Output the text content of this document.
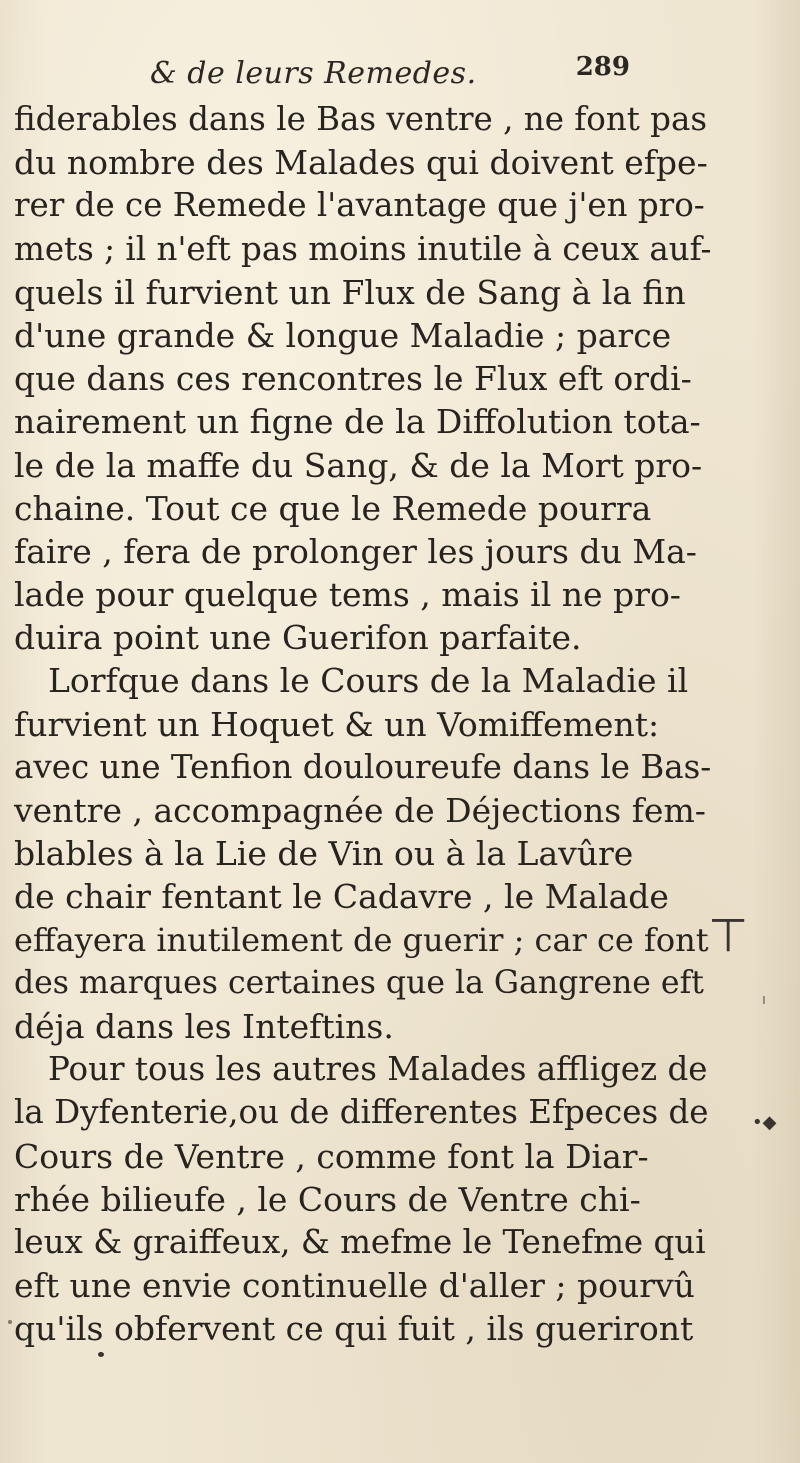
& de leurs Remedes.	289
fiderables dans le Bas ventre , ne font pas
du nombre des Malades qui doivent efpe-
rer de ce Remede l'avantage que j'en pro-
mets ; il n'eft pas moins inutile à ceux auf-
quels il furvient un Flux de Sang à la fin
d'une grande & longue Maladie ; parce
que dans ces rencontres le Flux eft ordi-
nairement un figne de la Diffolution tota-
le de la maffe du Sang, & de la Mort pro-
chaine. Tout ce que le Remede pourra
faire , fera de prolonger les jours du Ma-
lade pour quelque tems , mais il ne pro-
duira point une Guerifon parfaite.
Lorfque dans le Cours de la Maladie il
furvient un Hoquet & un Vomiffement:
avec une Tenfion douloureufe dans le Bas-
ventre , accompagnée de Déjections fem-
blables à la Lie de Vin ou à la Lavûre
de chair fentant le Cadavre , le Malade
effayera inutilement de guerir ; car ce font
des marques certaines que la Gangrene eft
déja dans les Inteftins.
Pour tous les autres Malades affligez de
la Dyfenterie,ou de differentes Efpeces de
Cours de Ventre , comme font la Diar-
rhée bilieufe , le Cours de Ventre chi-
leux & graiffeux, & mefme le Tenefme qui
eft une envie continuelle d'aller ; pourvû
qu'ils obfervent ce qui fuit , ils gueriront
⊢
ı
•◆
